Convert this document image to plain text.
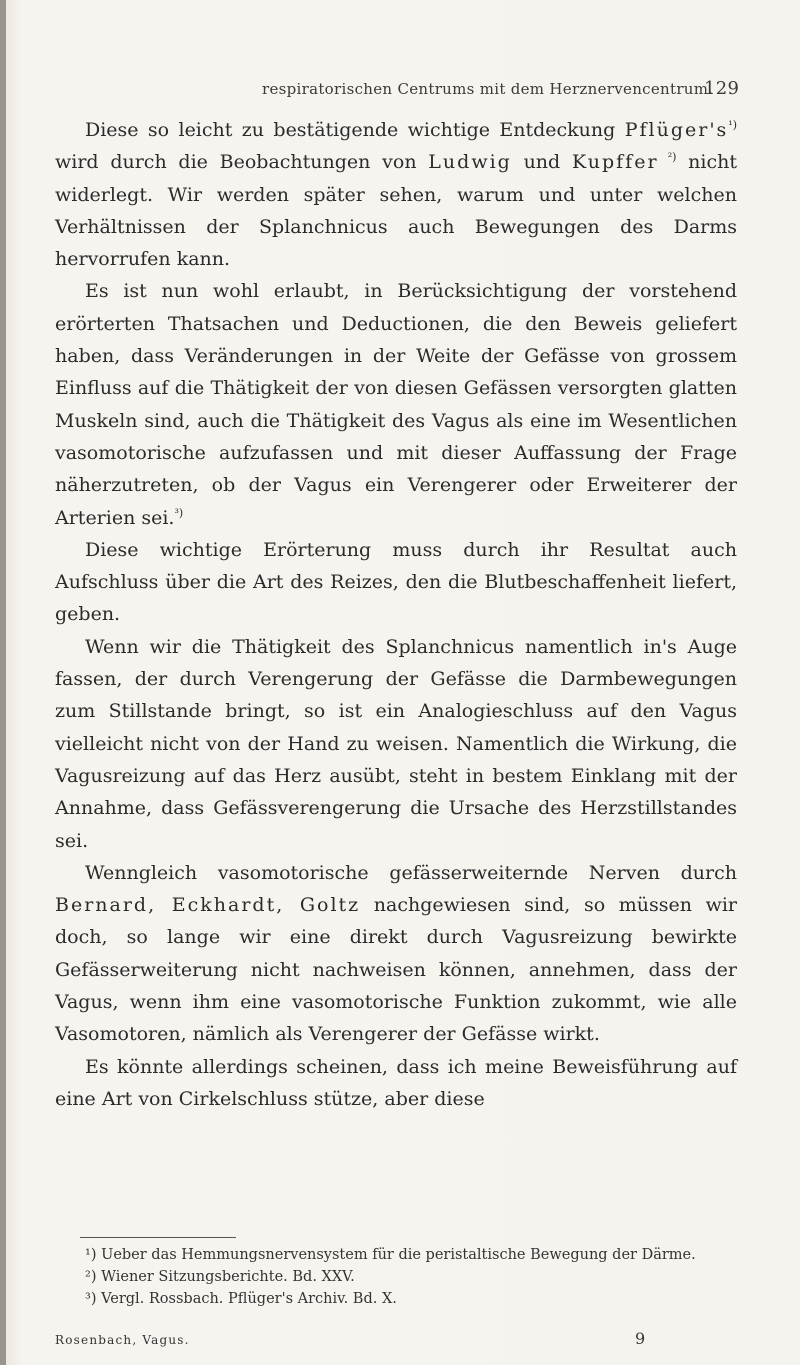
respiratorischen Centrums mit dem Herznervencentrum.
129

Diese so leicht zu bestätigende wichtige Entdeckung $Pflüger's^{^1)}$ wird durch die Beobachtungen von Ludwig und Kupffer $^{^2)}$ nicht widerlegt. Wir werden später sehen, warum und unter welchen Verhältnissen der Splanchnicus auch Bewegungen des Darms hervorrufen kann.

Es ist nun wohl erlaubt, in Berücksichtigung der vorstehend erörterten Thatsachen und Deductionen, die den Beweis geliefert haben, dass Veränderungen in der Weite der Gefässe von grossem Einfluss auf die Thätigkeit der von diesen Gefässen versorgten glatten Muskeln sind, auch die Thätigkeit des Vagus als eine im Wesentlichen vasomotorische aufzufassen und mit dieser Auffassung der Frage näherzutreten, ob der Vagus ein Verengerer oder Erweiterer der Arterien sei.$^{^3)}$

Diese wichtige Erörterung muss durch ihr Resultat auch Aufschluss über die Art des Reizes, den die Blutbeschaffenheit liefert, geben.

Wenn wir die Thätigkeit des Splanchnicus namentlich in's Auge fassen, der durch Verengerung der Gefässe die Darmbewegungen zum Stillstande bringt, so ist ein Analogieschluss auf den Vagus vielleicht nicht von der Hand zu weisen. Namentlich die Wirkung, die Vagusreizung auf das Herz ausübt, steht in bestem Einklang mit der Annahme, dass Gefässverengerung die Ursache des Herzstillstandes sei.

Wenngleich vasomotorische gefässerweiternde Nerven durch Bernard, Eckhardt, Goltz nachgewiesen sind, so müssen wir doch, so lange wir eine direkt durch Vagusreizung bewirkte Gefässerweiterung nicht nachweisen können, annehmen, dass der Vagus, wenn ihm eine vasomotorische Funktion zukommt, wie alle Vasomotoren, nämlich als Verengerer der Gefässe wirkt.

Es könnte allerdings scheinen, dass ich meine Beweisführung auf eine Art von Cirkelschluss stütze, aber diese

¹) Ueber das Hemmungsnervensystem für die peristaltische Bewegung der Därme.

²) Wiener Sitzungsberichte. Bd. XXV.

³) Vergl. Rossbach. Pflüger's Archiv. Bd. X.

Rosenbach, Vagus.	9
